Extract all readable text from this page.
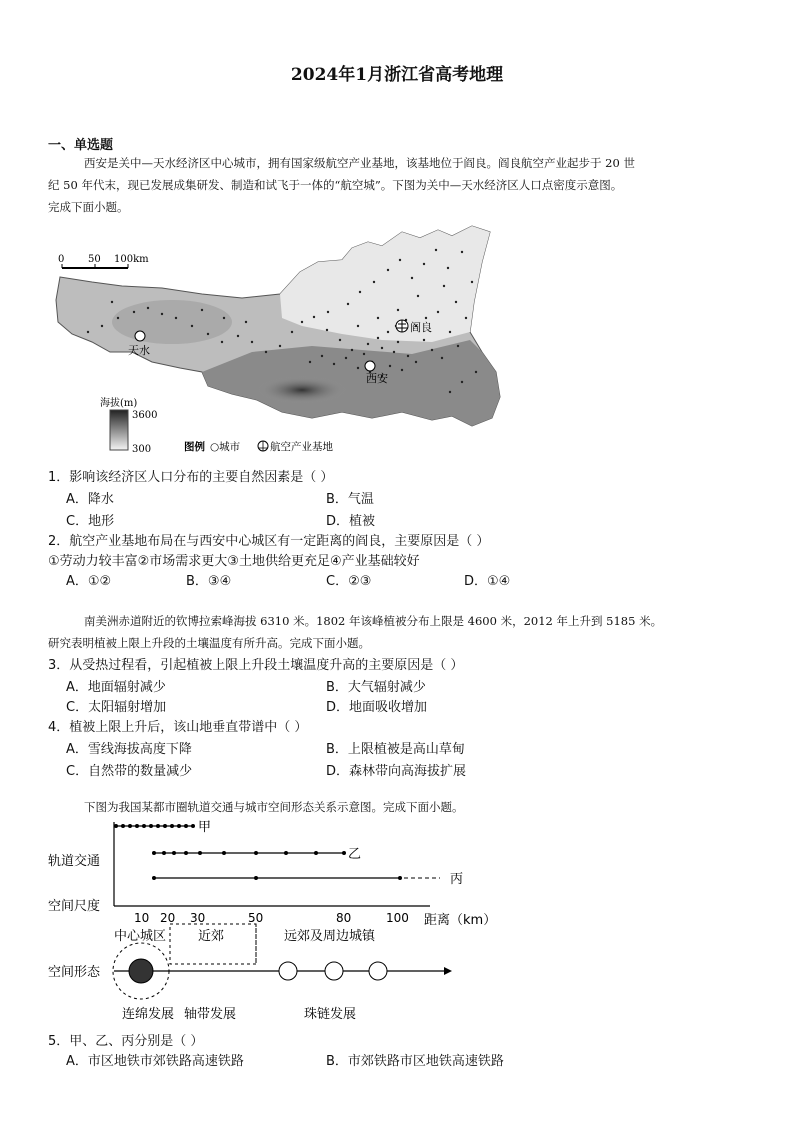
2024年1月浙江省高考地理
一、单选题
西安是关中—天水经济区中心城市，拥有国家级航空产业基地，该基地位于阎良。阎良航空产业起步于 20 世
纪 50 年代末，现已发展成集研发、制造和试飞于一体的“航空城”。下图为关中—天水经济区人口点密度示意图。
完成下面小题。
0 50 100km
天水
西安
阎良
海拔(m)
3600
300	图例 ○城市	航空产业基地
1．影响该经济区人口分布的主要自然因素是（ ）
A．降水	B．气温
C．地形	D．植被
2．航空产业基地布局在与西安中心城区有一定距离的阎良，主要原因是（ ）
①劳动力较丰富②市场需求更大③土地供给更充足④产业基础较好
A．①②	B．③④	C．②③	D．①④
南美洲赤道附近的钦博拉索峰海拔 6310 米。1802 年该峰植被分布上限是 4600 米，2012 年上升到 5185 米。
研究表明植被上限上升段的土壤温度有所升高。完成下面小题。
3．从受热过程看，引起植被上限上升段土壤温度升高的主要原因是（ ）
A．地面辐射减少	B．大气辐射减少
C．太阳辐射增加	D．地面吸收增加
4．植被上限上升后，该山地垂直带谱中（ ）
A．雪线海拔高度下降	B．上限植被是高山草甸
C．自然带的数量减少	D．森林带向高海拔扩展
下图为我国某都市圈轨道交通与城市空间形态关系示意图。完成下面小题。
甲
乙
丙
轨道交通
空间尺度
10 20 30	50	80	100 距离（km）
中心城区 近郊	远郊及周边城镇
空间形态
连绵发展 轴带发展	珠链发展
5．甲、乙、丙分别是（ ）
A．市区地铁市郊铁路高速铁路	B．市郊铁路市区地铁高速铁路
